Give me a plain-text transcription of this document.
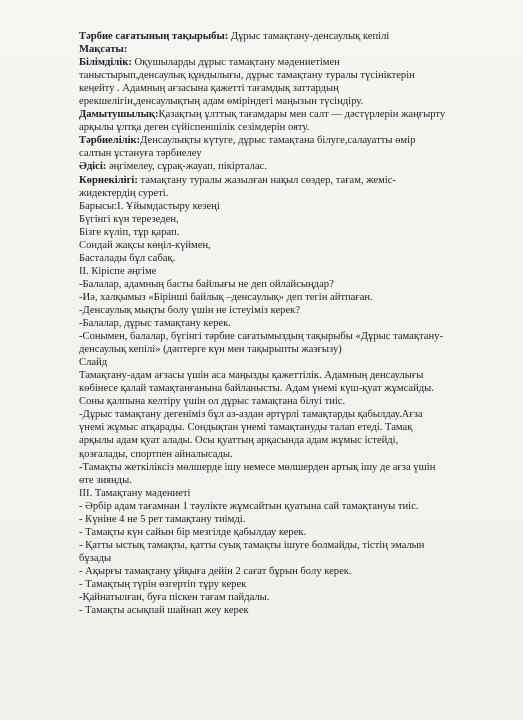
Тәрбие сағатының тақырыбы: Дұрыс тамақтану-денсаулық кепілі
Мақсаты:
Білімділік: Оқушыларды дұрыс тамақтану мәдениетімен
таныстырып,денсаулық құндылығы, дұрыс тамақтану туралы түсініктерін
кеңейту . Адамның ағзасына қажетті тағамдық заттардың
ерекшелігін,денсаулықтың адам өміріндегі маңызын түсіндіру.
Дамытушылық:Қазақтың ұлттық тағамдары мен салт — дәстүрлерін жаңғырту
арқылы ұлтқа деген сүйіспеншілік сезімдерін ояту.
Тәрбиелілік:Денсаулықты күтуге, дұрыс тамақтана білуге,салауатты өмір
салтын ұстануға тәрбиелеу
Әдісі: әңгімелеу, сұрақ-жауап, пікірталас.
Көрнекілігі: тамақтану туралы жазылған нақыл сөздер, тағам, жеміс-
жидектердің суреті.
Барысы:І. Ұйымдастыру кезеңі
Бүгінгі күн терезеден,
Бізге күліп, тұр қарап.
Сондай жақсы көңіл-күймен,
Басталады бұл сабақ.
ІІ. Кіріспе әңгіме
-Балалар, адамның басты байлығы не деп ойлайсыңдар?
-Иә, халқымыз «Бірінші байлық –денсаулық» деп тегін айтпаған.
-Денсаулық мықты болу үшін не істеуіміз керек?
-Балалар, дұрыс тамақтану керек.
-Сонымен, балалар, бүгінгі тәрбие сағатымыздың тақырыбы «Дұрыс тамақтану-
денсаулық кепілі» (дәптерге күн мен тақырыпты жазғызу)
Слайд
Тамақтану-адам ағзасы үшін аса маңызды қажеттілік. Адамның денсаулығы
көбінесе қалай тамақтанғанына байланысты. Адам үнемі күш-қуат жұмсайды.
Соны қалпына келтіру үшін ол дұрыс тамақтана білуі тиіс.
-Дұрыс тамақтану дегеніміз бұл аз-аздан әртүрлі тамақтарды қабылдау.Ағза
үнемі жұмыс атқарады. Сондықтан үнемі тамақтануды талап етеді. Тамақ
арқылы адам қуат алады. Осы қуаттың арқасында адам жұмыс істейді,
қозғалады, спортпен айналысады.
-Тамақты жеткіліксіз мөлшерде ішу немесе мөлшерден артық ішу де ағза үшін
өте зиянды.
ІІІ. Тамақтану мәдениеті
- Әрбір адам тағамнан 1 тәулікте жұмсайтын қуатына сай тамақтануы тиіс.
- Күніне 4 не 5 рет тамақтану тиімді.
- Тамақты күн сайын бір мезгілде қабылдау керек.
- Қатты ыстық тамақты, қатты суық тамақты ішуге болмайды, тістің эмалын
бұзады
- Ақырғы тамақтану ұйқыға дейін 2 сағат бұрын болу керек.
- Тамақтың түрін өзгертіп тұру керек
-Қайнатылған, буға піскен тағам пайдалы.
- Тамақты асықпай шайнап жеу керек
